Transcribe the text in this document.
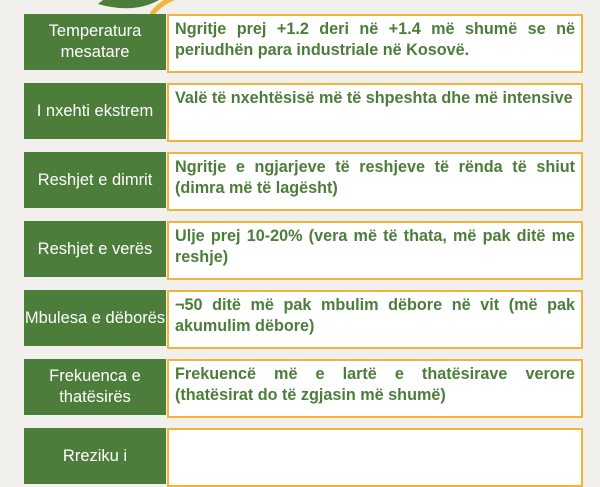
Temperatura mesatare
Ngritje prej +1.2 deri në +1.4 më shumë se në periudhën para industriale në Kosovë.
I nxehti ekstrem
Valë të nxehtësisë më të shpeshta dhe më intensive
Reshjet e dimrit
Ngritje e ngjarjeve të reshjeve të rënda të shiut (dimra më të lagësht)
Reshjet e verës
Ulje prej 10-20% (vera më të thata, më pak ditë me reshje)
Mbulesa e dëborës
¬50 ditë më pak mbulim dëbore në vit (më pak akumulim dëbore)
Frekuenca e thatësirës
Frekuencë më e lartë e thatësirave verore (thatësirat do të zgjasin më shumë)
Rreziku i
